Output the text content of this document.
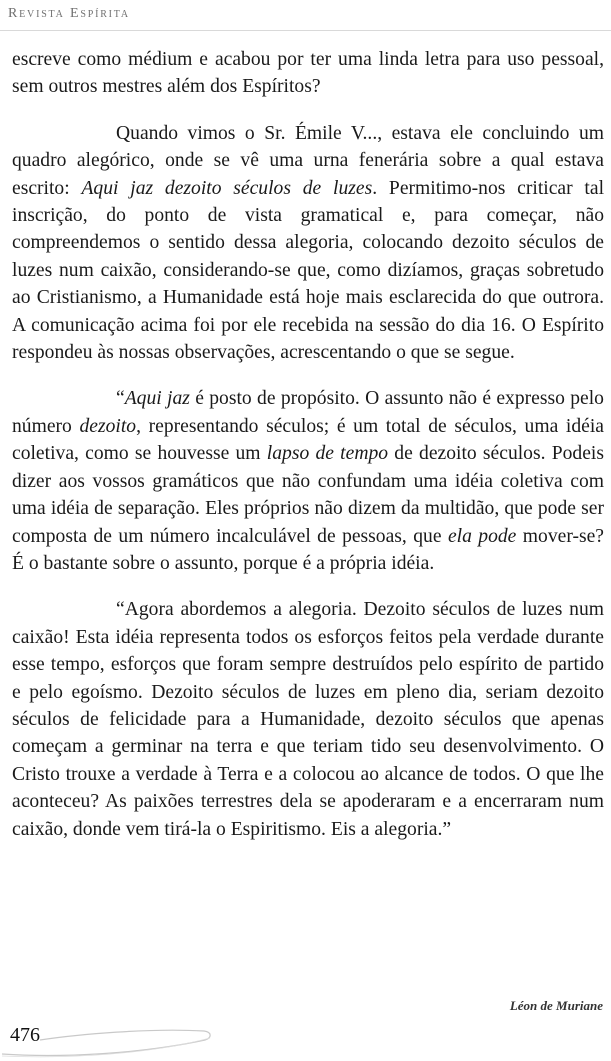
Revista Espírita

escreve como médium e acabou por ter uma linda letra para uso pessoal, sem outros mestres além dos Espíritos?

Quando vimos o Sr. Émile V..., estava ele concluindo um quadro alegórico, onde se vê uma urna fenerária sobre a qual estava escrito: Aqui jaz dezoito séculos de luzes. Permitimo-nos criticar tal inscrição, do ponto de vista gramatical e, para começar, não compreendemos o sentido dessa alegoria, colocando dezoito séculos de luzes num caixão, considerando-se que, como dizíamos, graças sobretudo ao Cristianismo, a Humanidade está hoje mais esclarecida do que outrora. A comunicação acima foi por ele recebida na sessão do dia 16. O Espírito respondeu às nossas observações, acrescentando o que se segue.

“Aqui jaz é posto de propósito. O assunto não é expresso pelo número dezoito, representando séculos; é um total de séculos, uma idéia coletiva, como se houvesse um lapso de tempo de dezoito séculos. Podeis dizer aos vossos gramáticos que não confundam uma idéia coletiva com uma idéia de separação. Eles próprios não dizem da multidão, que pode ser composta de um número incalculável de pessoas, que ela pode mover-se? É o bastante sobre o assunto, porque é a própria idéia.

“Agora abordemos a alegoria. Dezoito séculos de luzes num caixão! Esta idéia representa todos os esforços feitos pela verdade durante esse tempo, esforços que foram sempre destruídos pelo espírito de partido e pelo egoísmo. Dezoito séculos de luzes em pleno dia, seriam dezoito séculos de felicidade para a Humanidade, dezoito séculos que apenas começam a germinar na terra e que teriam tido seu desenvolvimento. O Cristo trouxe a verdade à Terra e a colocou ao alcance de todos. O que lhe aconteceu? As paixões terrestres dela se apoderaram e a encerraram num caixão, donde vem tirá-la o Espiritismo. Eis a alegoria.”

Léon de Muriane
476
